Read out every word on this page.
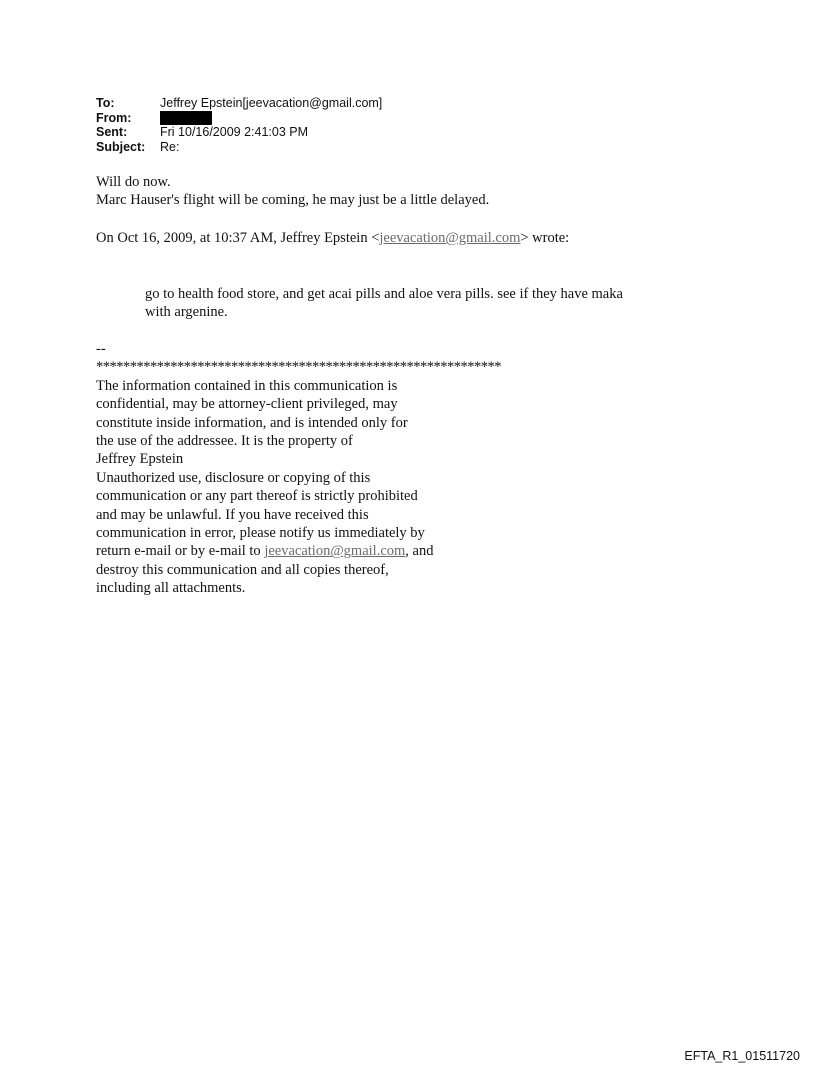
To:	Jeffrey Epstein[jeevacation@gmail.com]
From:
Sent:	Fri 10/16/2009 2:41:03 PM
Subject:	Re:
Will do now.
Marc Hauser's flight will be coming, he may just be a little delayed.
On Oct 16, 2009, at 10:37 AM, Jeffrey Epstein <jeevacation@gmail.com> wrote:
go to health food store, and get acai pills and aloe vera pills. see if they have maka
with argenine.
--
************************************************************
The information contained in this communication is
confidential, may be attorney-client privileged, may
constitute inside information, and is intended only for
the use of the addressee. It is the property of
Jeffrey Epstein
Unauthorized use, disclosure or copying of this
communication or any part thereof is strictly prohibited
and may be unlawful. If you have received this
communication in error, please notify us immediately by
return e-mail or by e-mail to jeevacation@gmail.com, and
destroy this communication and all copies thereof,
including all attachments.
EFTA_R1_01511720
